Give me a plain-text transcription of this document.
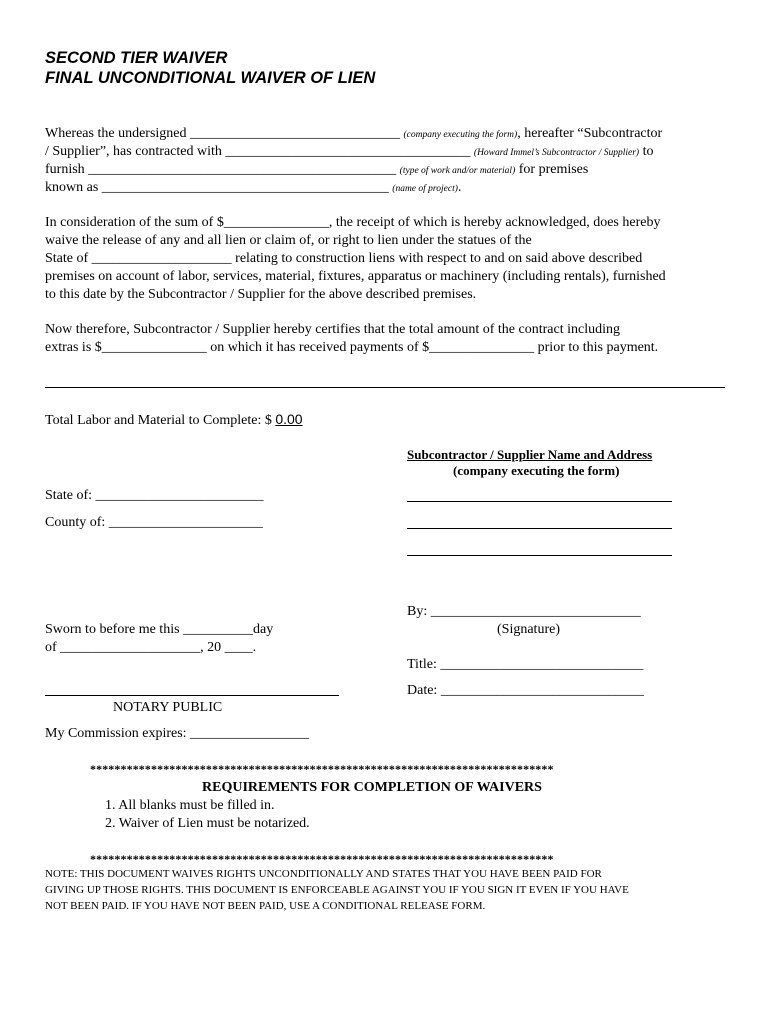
SECOND TIER WAIVER
FINAL UNCONDITIONAL WAIVER OF LIEN
Whereas the undersigned ______________________________ (company executing the form), hereafter “Subcontractor
/ Supplier”, has contracted with ___________________________________ (Howard Immel’s Subcontractor / Supplier) to
furnish ____________________________________________ (type of work and/or material) for premises
known as _________________________________________ (name of project).
In consideration of the sum of $_______________, the receipt of which is hereby acknowledged, does hereby
waive the release of any and all lien or claim of, or right to lien under the statues of the
State of ____________________ relating to construction liens with respect to and on said above described
premises on account of labor, services, material, fixtures, apparatus or machinery (including rentals), furnished
to this date by the Subcontractor / Supplier for the above described premises.
Now therefore, Subcontractor / Supplier hereby certifies that the total amount of the contract including
extras is $_______________ on which it has received payments of $_______________ prior to this payment.
Total Labor and Material to Complete: $ 0.00
Subcontractor / Supplier Name and Address
(company executing the form)
State of: ________________________
County of: ______________________
By: ______________________________
(Signature)
Title: _____________________________
Date: _____________________________
Sworn to before me this __________day
of ____________________, 20 ____.
NOTARY PUBLIC
My Commission expires: _________________
****************************************************************************
REQUIREMENTS FOR COMPLETION OF WAIVERS
1. All blanks must be filled in.
2. Waiver of Lien must be notarized.
****************************************************************************
NOTE: THIS DOCUMENT WAIVES RIGHTS UNCONDITIONALLY AND STATES THAT YOU HAVE BEEN PAID FOR
GIVING UP THOSE RIGHTS. THIS DOCUMENT IS ENFORCEABLE AGAINST YOU IF YOU SIGN IT EVEN IF YOU HAVE
NOT BEEN PAID. IF YOU HAVE NOT BEEN PAID, USE A CONDITIONAL RELEASE FORM.
